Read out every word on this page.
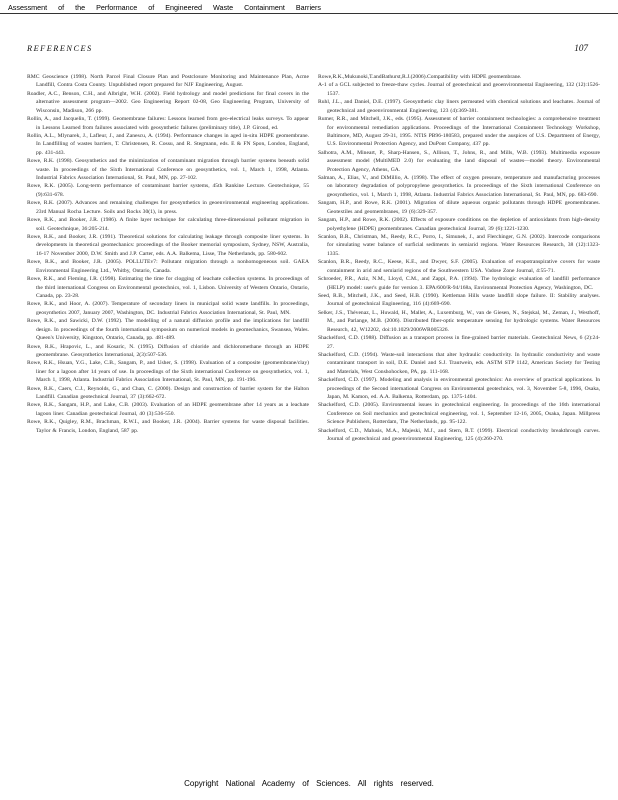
Assessment of the Performance of Engineered Waste Containment Barriers
REFERENCES	107

RMC Geoscience (1998). North Parcel Final Closure Plan and Postclosure Monitoring and Maintenance Plan, Acme Landfill, Contra Costa County. Unpublished report prepared for NJF Engineering, August.

Roadler, A.C., Benson, C.H., and Albright, W.H. (2002). Field hydrology and model predictions for final covers in the alternative assessment program—2002. Geo Engineering Report 02-08, Geo Engineering Program, University of Wisconsin, Madison, 266 pp.

Rollin, A., and Jacquelin, T. (1999). Geomembrane failures: Lessons learned from geo-electrical leaks surveys. To appear in Lessons Learned from failures associated with geosynthetic failures (preliminary title), J.P. Giroud, ed.

Rollin, A.L., Mlynarek, J., Lafleur, J., and Zanescu, A. (1994). Performance changes in aged in-situ HDPE geomembrane. In Landfilling of wastes barriers, T. Christensen, R. Cossu, and R. Stegmann, eds. E & FN Spon, London, England, pp. 431-443.

Rowe, R.K. (1998). Geosynthetics and the minimization of contaminant migration through barrier systems beneath solid waste. In proceedings of the Sixth International Conference on geosynthetics, vol. 1, March 1, 1998, Atlanta. Industrial Fabrics Association International, St. Paul, MN, pp. 27-102.

Rowe, R.K. (2005). Long-term performance of contaminant barrier systems, 45th Rankine Lecture. Geotechnique, 55 (9):631-678.

Rowe, R.K. (2007). Advances and remaining challenges for geosynthetics in geoenvironmental engineering applications. 23rd Manual Rocha Lecture. Soils and Rocks 30(1), in press.

Rowe, R.K., and Booker, J.R. (1986). A finite layer technique for calculating three-dimensional pollutant migration in soil. Geotechnique, 36:205-214.

Rowe, R.K., and Booker, J.R. (1991). Theoretical solutions for calculating leakage through composite liner systems. In developments in theoretical geomechanics: proceedings of the Booker memorial symposium, Sydney, NSW, Australia, 16-17 November 2000, D.W. Smith and J.P. Carter, eds. A.A. Balkema, Lisse, The Netherlands, pp. 580-602.

Rowe, R.K., and Booker, J.R. (2005). POLLUTEv7: Pollutant migration through a nonhomogeneous soil. GAEA Environmental Engineering Ltd., Whitby, Ontario, Canada.

Rowe, R.K., and Fleming, I.R. (1998). Estimating the time for clogging of leachate collection systems. In proceedings of the third international Congress on Environmental geotechnics, vol. 1, Lisbon. University of Western Ontario, Ontario, Canada, pp. 23-28.

Rowe, R.K., and Hoor, A. (2007). Temperature of secondary liners in municipal solid waste landfills. In proceedings, geosynthetics 2007, January 2007, Washington, DC. Industrial Fabrics Association International, St. Paul, MN.

Rowe, R.K., and Sawicki, D.W. (1992). The modelling of a natural diffusion profile and the implications for landfill design. In proceedings of the fourth international symposium on numerical models in geomechanics, Swansea, Wales. Queen's University, Kingston, Ontario, Canada, pp. 481-489.

Rowe, R.K., Hrapovic, L., and Kosaric, N. (1995). Diffusion of chloride and dichloromethane through an HDPE geomembrane. Geosynthetics International, 2(3):507-536.

Rowe, R.K., Hsuan, Y.G., Lake, C.B., Sangam, P., and Usher, S. (1998). Evaluation of a composite (geomembrane/clay) liner for a lagoon after 14 years of use. In proceedings of the Sixth international Conference on geosynthetics, vol. 1, March 1, 1998, Atlanta. Industrial Fabrics Association International, St. Paul, MN, pp. 191-196.

Rowe, R.K., Caers, C.J., Reynolds, G., and Chan, C. (2000). Design and construction of barrier system for the Halton Landfill. Canadian geotechnical Journal, 37 (3):662-672.

Rowe, R.K., Sangam, H.P., and Lake, C.B. (2003). Evaluation of an HDPE geomembrane after 14 years as a leachate lagoon liner. Canadian geotechnical Journal, 40 (3):536-550.

Rowe, R.K., Quigley, R.M., Brachman, R.W.I., and Booker, J.R. (2004). Barrier systems for waste disposal facilities. Taylor & Francis, London, England, 587 pp.

Rowe,R.K.,Mukunoki,T.andBathurst,R.J.(2006).Compatibility with HDPE geomembrane.

A-1 of a GCL subjected to freeze-thaw cycles. Journal of geotechnical and geoenvironmental Engineering, 132 (12):1526-1537.

Ruhl, J.L., and Daniel, D.E. (1997). Geosynthetic clay liners permeated with chemical solutions and leachates. Journal of geotechnical and geoenvironmental Engineering, 123 (4):369-381.

Rumer, R.R., and Mitchell, J.K., eds. (1995). Assessment of barrier containment technologies: a comprehensive treatment for environmental remediation applications. Proceedings of the International Containment Technology Workshop, Baltimore, MD, August 29-31, 1995. NTIS PB96-180583, prepared under the auspices of U.S. Department of Energy, U.S. Environmental Protection Agency, and DuPont Company, 437 pp.

Salhotra, A.M., Mineart, P., Sharp-Hansen, S., Allison, T., Johns, R., and Mills, W.B. (1993). Multimedia exposure assessment model (MultiMED 2.0) for evaluating the land disposal of wastes—model theory. Environmental Protection Agency, Athens, GA.

Salman, A., Elias, V., and DiMillio, A. (1998). The effect of oxygen pressure, temperature and manufacturing processes on laboratory degradation of polypropylene geosynthetics. In proceedings of the Sixth international Conference on geosynthetics, vol. 1, March 1, 1998, Atlanta. Industrial Fabrics Association International, St. Paul, MN, pp. 683-690.

Sangam, H.P., and Rowe, R.K. (2001). Migration of dilute aqueous organic pollutants through HDPE geomembranes. Geotextiles and geomembranes, 19 (6):329-357.

Sangam, H.P., and Rowe, R.K. (2002). Effects of exposure conditions on the depletion of antioxidants from high-density polyethylene (HDPE) geomembranes. Canadian geotechnical Journal, 39 (6):1221-1230.

Scanlon, B.R., Christman, M., Reedy, R.C., Porro, I., Simunek, J., and Flerchinger, G.N. (2002). Intercode comparisons for simulating water balance of surficial sediments in semiarid regions. Water Resources Research, 38 (12):1323-1335.

Scanlon, B.R., Reedy, R.C., Keese, K.E., and Dwyer, S.F. (2005). Evaluation of evapotranspirative covers for waste containment in arid and semiarid regions of the Southwestern USA. Vadose Zone Journal, 4:55-71.

Schroeder, P.R., Aziz, N.M., Lloyd, C.M., and Zappi, P.A. (1994). The hydrologic evaluation of landfill performance (HELP) model: user's guide for version 3. EPA/600/R-94/168a, Environmental Protection Agency, Washington, DC.

Seed, R.B., Mitchell, J.K., and Seed, H.B. (1990). Kettleman Hills waste landfill slope failure. II: Stability analyses. Journal of geotechnical Engineering, 116 (4):669-690.

Selker, J.S., Thévenaz, L., Huwald, H., Mallet, A., Luxemburg, W., van de Giesen, N., Stejskal, M., Zeman, J., Westhoff, M., and Parlange, M.B. (2006). Distributed fiber-optic temperature sensing for hydrologic systems. Water Resources Research, 42, W12202, doi:10.1029/2006WR005326.

Shackelford, C.D. (1988). Diffusion as a transport process in fine-grained barrier materials. Geotechnical News, 6 (2):24-27.

Shackelford, C.D. (1994). Waste-soil interactions that alter hydraulic conductivity. In hydraulic conductivity and waste contaminant transport in soil, D.E. Daniel and S.J. Trautwein, eds. ASTM STP 1142, American Society for Testing and Materials, West Conshohocken, PA, pp. 111-168.

Shackelford, C.D. (1997). Modeling and analysis in environmental geotechnics: An overview of practical applications. In proceedings of the Second international Congress on Environmental geotechnics, vol. 3, November 5-8, 1996, Osaka, Japan, M. Kamon, ed. A.A. Balkema, Rotterdam, pp. 1375-1404.

Shackelford, C.D. (2005). Environmental issues in geotechnical engineering. In proceedings of the 16th international Conference on Soil mechanics and geotechnical engineering, vol. 1, September 12-16, 2005, Osaka, Japan. Millpress Science Publishers, Rotterdam, The Netherlands, pp. 95-122.

Shackelford, C.D., Malusis, M.A., Majeski, M.J., and Stern, R.T. (1999). Electrical conductivity breakthrough curves. Journal of geotechnical and geoenvironmental Engineering, 125 (4):260-270.

Copyright National Academy of Sciences. All rights reserved.
